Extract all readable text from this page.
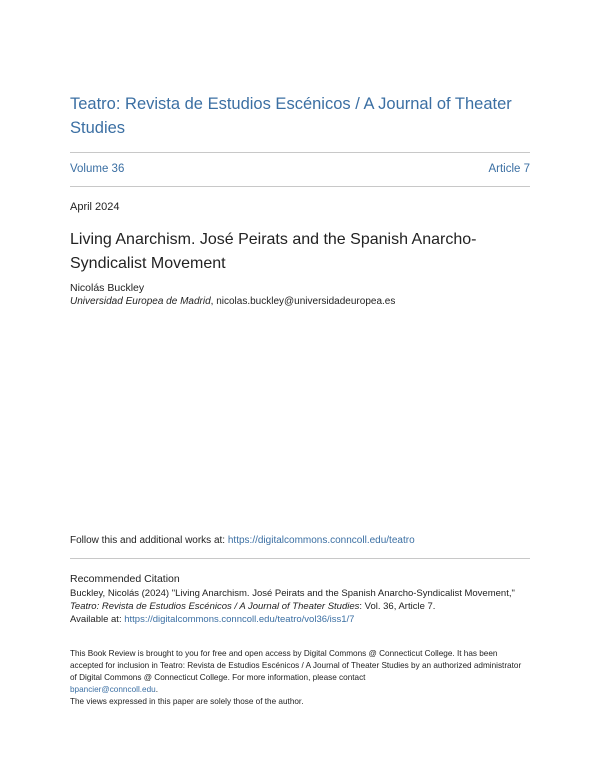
Teatro: Revista de Estudios Escénicos / A Journal of Theater Studies
Volume 36	Article 7
April 2024
Living Anarchism. José Peirats and the Spanish Anarcho-Syndicalist Movement
Nicolás Buckley
Universidad Europea de Madrid, nicolas.buckley@universidadeuropea.es
Follow this and additional works at: https://digitalcommons.conncoll.edu/teatro
Recommended Citation
Buckley, Nicolás (2024) "Living Anarchism. José Peirats and the Spanish Anarcho-Syndicalist Movement,"
Teatro: Revista de Estudios Escénicos / A Journal of Theater Studies: Vol. 36, Article 7.
Available at: https://digitalcommons.conncoll.edu/teatro/vol36/iss1/7

This Book Review is brought to you for free and open access by Digital Commons @ Connecticut College. It has been accepted for inclusion in Teatro: Revista de Estudios Escénicos / A Journal of Theater Studies by an authorized administrator of Digital Commons @ Connecticut College. For more information, please contact
bpancier@conncoll.edu.

The views expressed in this paper are solely those of the author.
